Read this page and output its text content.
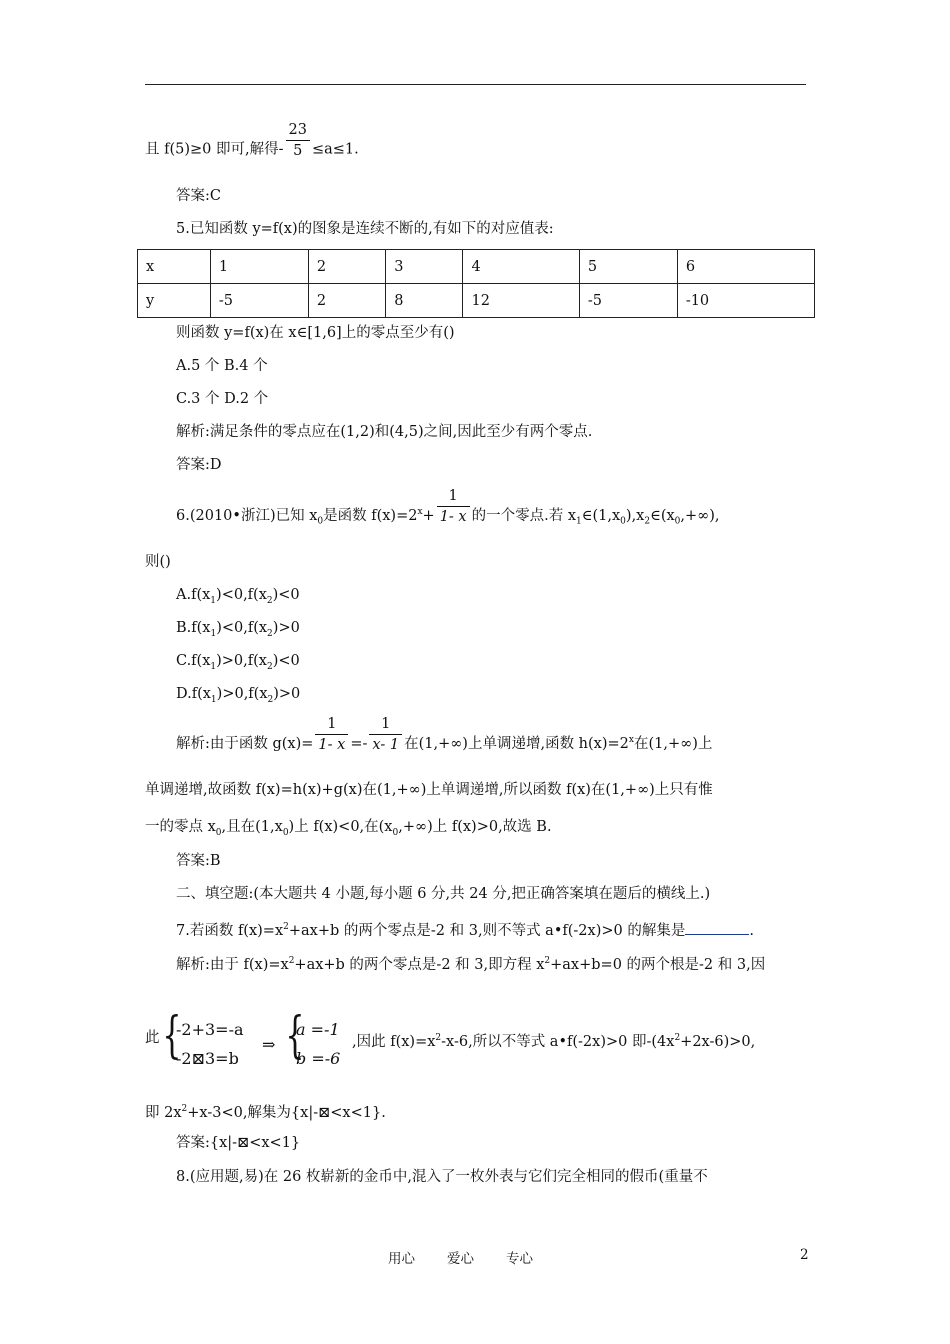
且 f(5)≥0 即可,解得- $\frac{23}{5} \le a\le 1$.
答案:C
5.已知函数 y=f(x)的图象是连续不断的,有如下的对应值表:
x	1	2	3	4	5	6
y	-5	2	8	12	-5	-10
则函数 y=f(x)在 x∈[1,6]上的零点至少有()
A.5 个 B.4 个
C.3 个 D.2 个
解析:满足条件的零点应在(1,2)和(4,5)之间,因此至少有两个零点.
答案:D
6.(2010•浙江)已知 $x_0$是函数 $f(x)=2^x+ \frac{1}{1- x}$ 的一个零点.若 $x_1\in(1,x_0),x_2\in(x_0,+\infty)$,
则()
$A.f(x_1)<0,f(x_2)<0$
$B.f(x_1)<0,f(x_2)>0$
$C.f(x_1)>0,f(x_2)<0$
$D.f(x_1)>0,f(x_2)>0$
解析:由于函数 $g(x)= \frac{1}{1- x} =- \frac{1}{x- 1}$ 在(1,+∞)上单调递增,函数 $h(x)=2^x$在(1,+∞)上
单调递增,故函数 f(x)=h(x)+g(x)在(1,+∞)上单调递增,所以函数 f(x)在(1,+∞)上只有惟
一的零点 $x_0$,且在$(1,x_0)$上 f(x)<0,在$(x_0,+\infty)$上 f(x)>0,故选 B.
答案:B
二、填空题:(本大题共 4 小题,每小题 6 分,共 24 分,把正确答案填在题后的横线上.)
7.若函数 $f(x)=x^2+ax+b$ 的两个零点是-2 和 3,则不等式 a•f(-2x)>0 的解集是	.
解析:由于 $f(x)=x^2+ax+b$ 的两个零点是-2 和 3,即方程 $x^2+ax+b=0$ 的两个根是-2 和 3,因
此 {
-2+3=-a
-2⊠3=b
⇒ {
a =-1
b =-6
,因此 $f(x)=x^2-x-6$,所以不等式 a•f(-2x)>0 即$-(4x^2+2x-6)>0$,
即 $2x^2+x-3<0$,解集为{x|-⊠<x<1}.
答案:{x|-⊠<x<1}
8.(应用题,易)在 26 枚崭新的金币中,混入了一枚外表与它们完全相同的假币(重量不
用心 爱心 专心	2
